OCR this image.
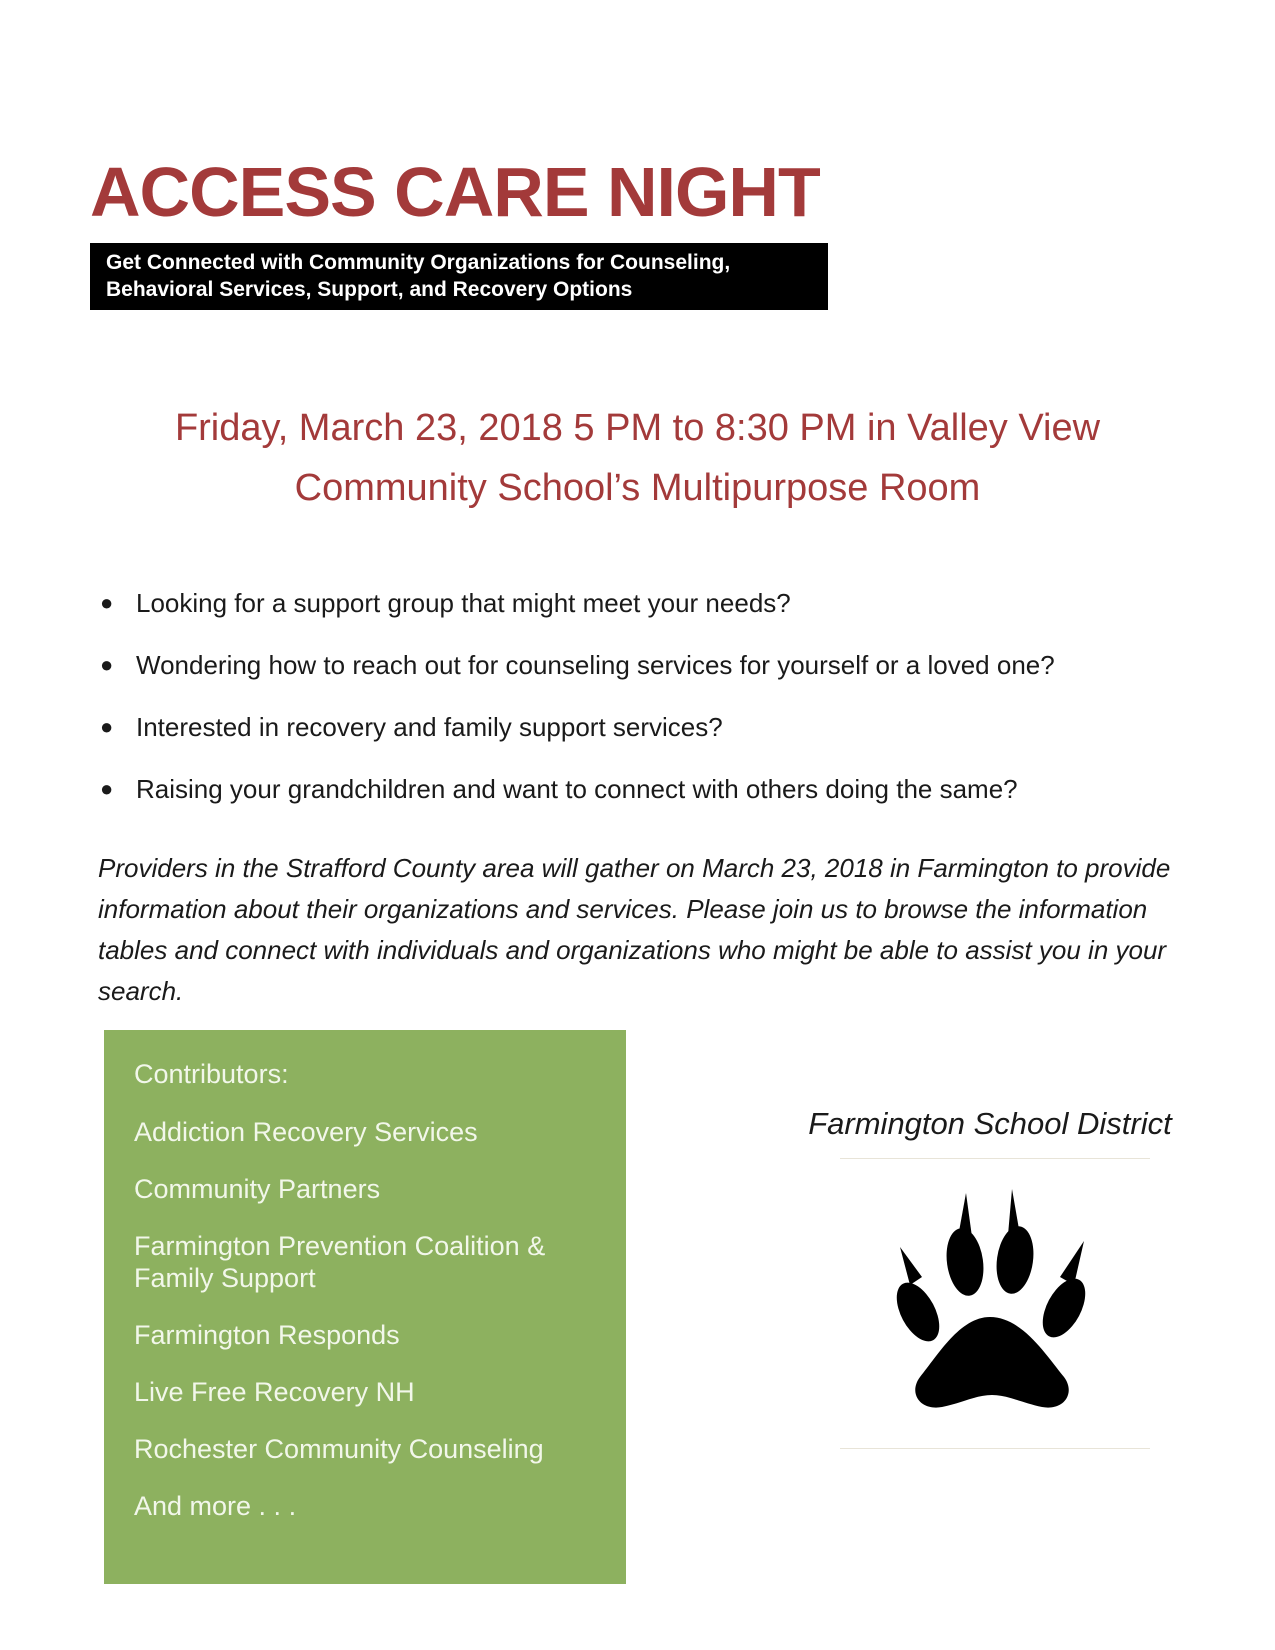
ACCESS CARE NIGHT
Get Connected with Community Organizations for Counseling,
Behavioral Services, Support, and Recovery Options
Friday, March 23, 2018 5 PM to 8:30 PM in Valley View
Community School’s Multipurpose Room
● Looking for a support group that might meet your needs?
● Wondering how to reach out for counseling services for yourself or a loved one?
● Interested in recovery and family support services?
● Raising your grandchildren and want to connect with others doing the same?

Providers in the Strafford County area will gather on March 23, 2018 in Farmington to provide information about their organizations and services. Please join us to browse the information tables and connect with individuals and organizations who might be able to assist you in your search.

Contributors:

Addiction Recovery Services
Community Partners
Farmington Prevention Coalition & Family Support
Farmington Responds
Live Free Recovery NH
Rochester Community Counseling
And more . . .

Farmington School District
